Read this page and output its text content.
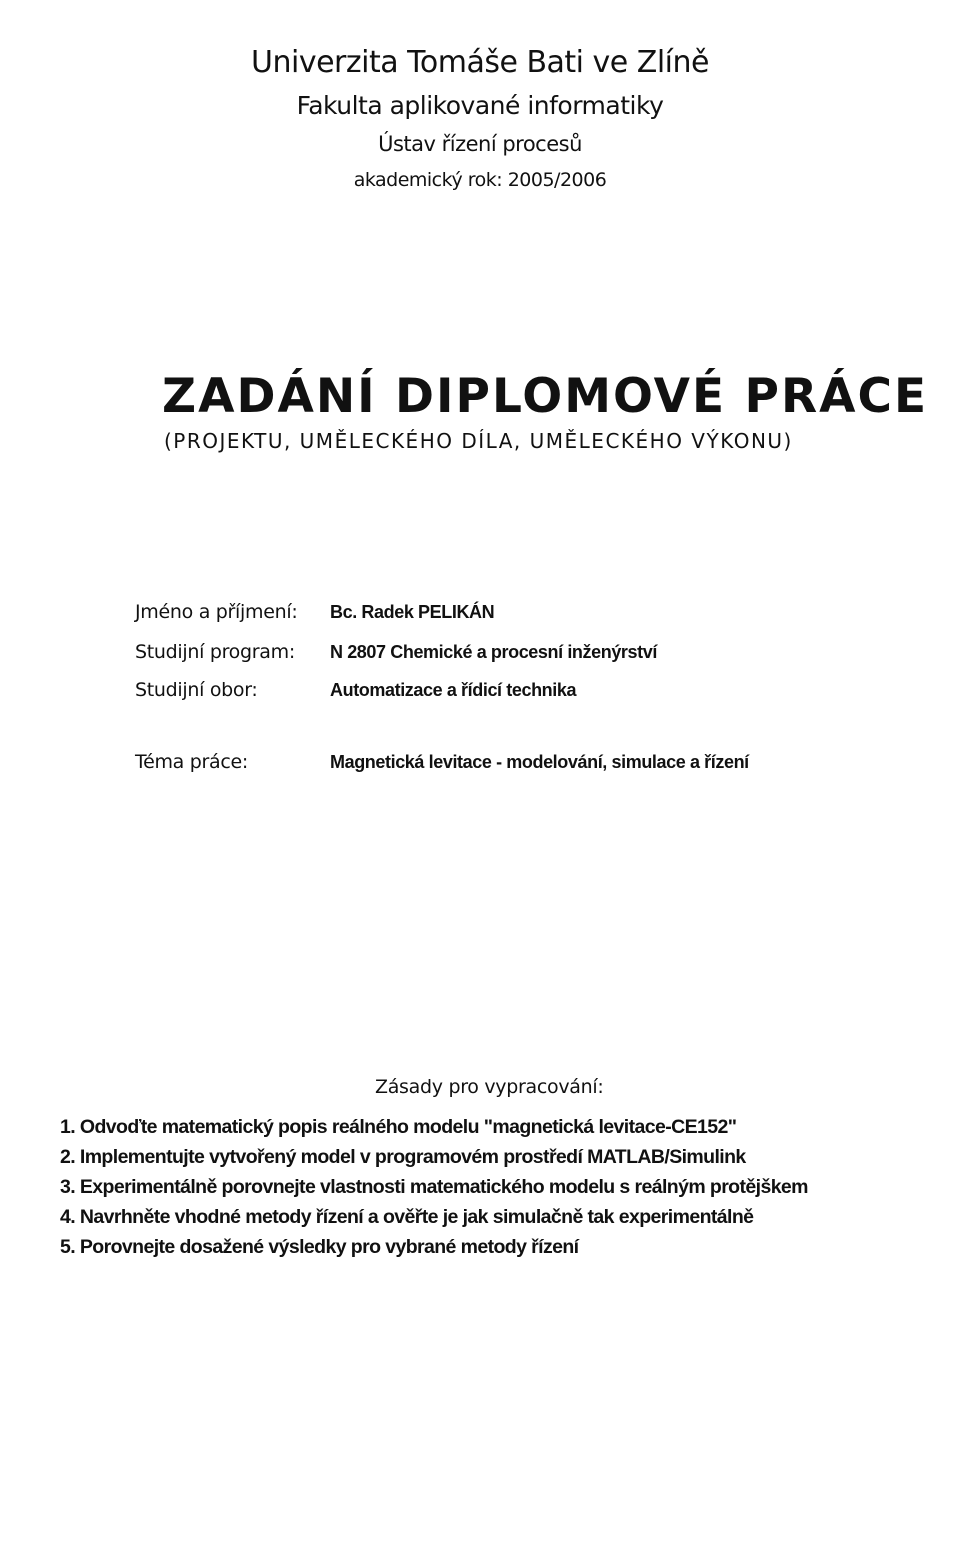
Univerzita Tomáše Bati ve Zlíně
Fakulta aplikované informatiky
Ústav řízení procesů
akademický rok: 2005/2006
ZADÁNÍ DIPLOMOVÉ PRÁCE
(PROJEKTU, UMĚLECKÉHO DÍLA, UMĚLECKÉHO VÝKONU)
Jméno a příjmení: Bc. Radek PELIKÁN
Studijní program: N 2807 Chemické a procesní inženýrství
Studijní obor:	Automatizace a řídicí technika
Téma práce:	Magnetická levitace - modelování, simulace a řízení
Zásady pro vypracování:
1. Odvoďte matematický popis reálného modelu "magnetická levitace-CE152"
2. Implementujte vytvořený model v programovém prostředí MATLAB/Simulink
3. Experimentálně porovnejte vlastnosti matematického modelu s reálným protějškem
4. Navrhněte vhodné metody řízení a ověřte je jak simulačně tak experimentálně
5. Porovnejte dosažené výsledky pro vybrané metody řízení
